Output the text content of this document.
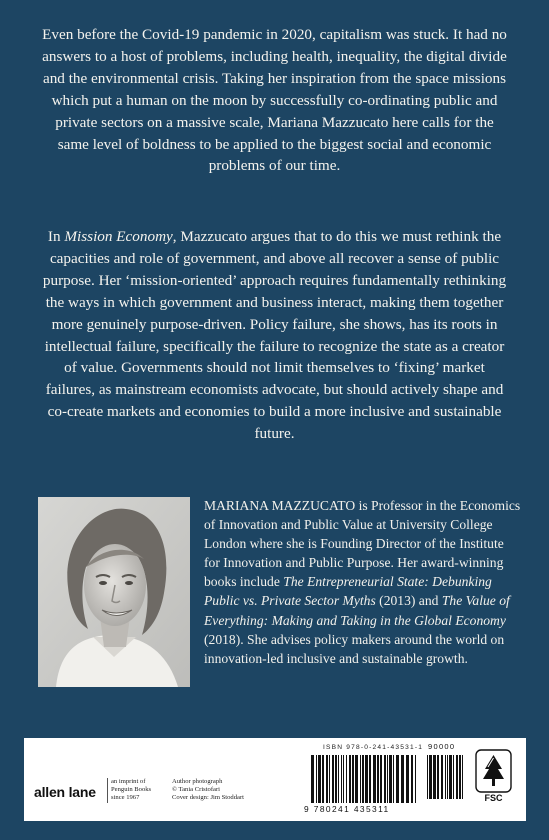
Even before the Covid-19 pandemic in 2020, capitalism was stuck. It had no answers to a host of problems, including health, inequality, the digital divide and the environmental crisis. Taking her inspiration from the space missions which put a human on the moon by successfully co-ordinating public and private sectors on a massive scale, Mariana Mazzucato here calls for the same level of boldness to be applied to the biggest social and economic problems of our time.
In Mission Economy, Mazzucato argues that to do this we must rethink the capacities and role of government, and above all recover a sense of public purpose. Her ‘mission-oriented’ approach requires fundamentally rethinking the ways in which government and business interact, making them together more genuinely purpose-driven. Policy failure, she shows, has its roots in intellectual failure, specifically the failure to recognize the state as a creator of value. Governments should not limit themselves to ‘fixing’ market failures, as mainstream economists advocate, but should actively shape and co-create markets and economies to build a more inclusive and sustainable future.
MARIANA MAZZUCATO is Professor in the Economics of Innovation and Public Value at University College London where she is Founding Director of the Institute for Innovation and Public Purpose. Her award-winning books include The Entrepreneurial State: Debunking Public vs. Private Sector Myths (2013) and The Value of Everything: Making and Taking in the Global Economy (2018). She advises policy makers around the world on innovation-led inclusive and sustainable growth.
allen lane
an imprint of
Penguin Books
since 1967
Author photograph
© Tania Cristofari
Cover design: Jim Stoddart
ISBN 978-0-241-43531-1
9 780241 435311
90000
FSC
